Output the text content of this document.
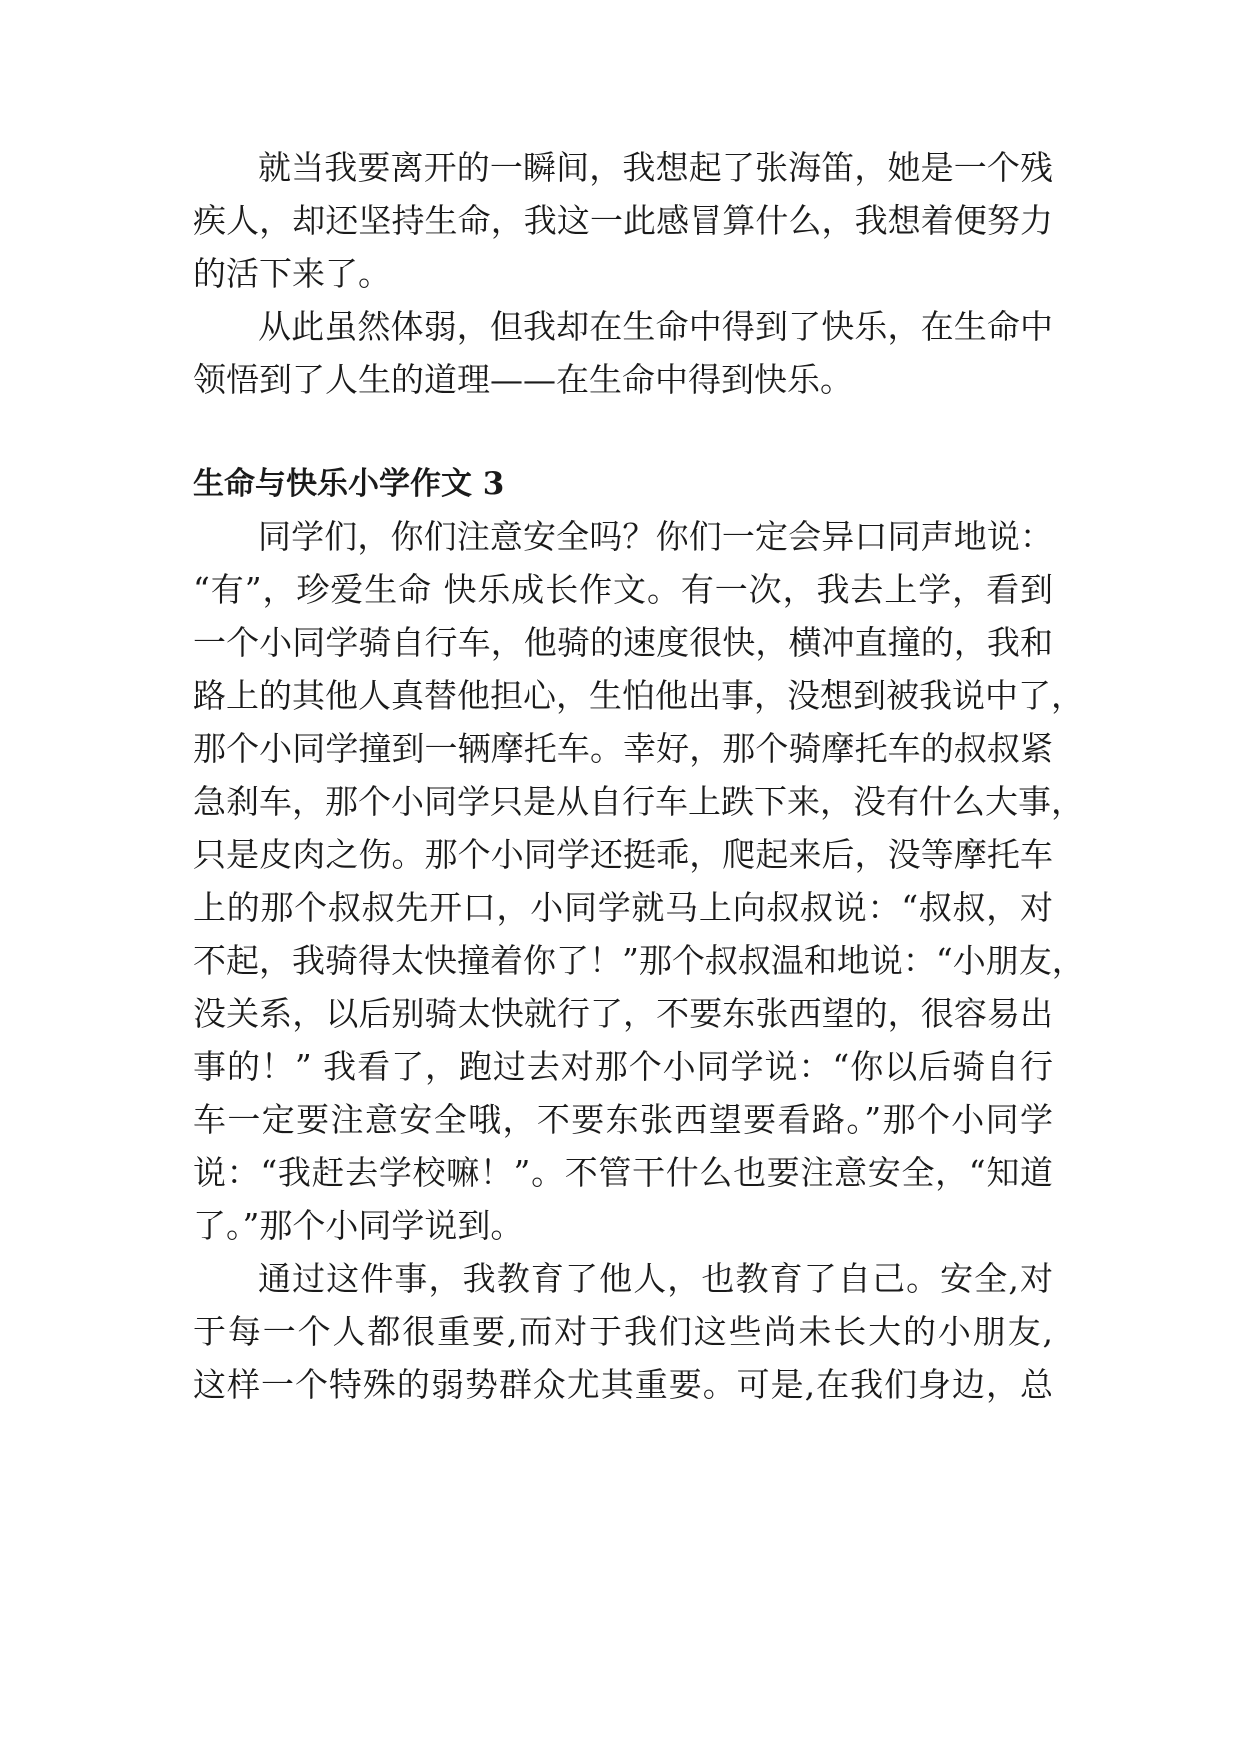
就当我要离开的一瞬间，我想起了张海笛，她是一个残

疾人，却还坚持生命，我这一此感冒算什么，我想着便努力

的活下来了。

从此虽然体弱，但我却在生命中得到了快乐，在生命中

领悟到了人生的道理——在生命中得到快乐。

生命与快乐小学作文 3

同学们，你们注意安全吗？你们一定会异口同声地说：

“有”，珍爱生命 快乐成长作文。有一次，我去上学，看到

一个小同学骑自行车，他骑的速度很快，横冲直撞的，我和

路上的其他人真替他担心，生怕他出事，没想到被我说中了，

那个小同学撞到一辆摩托车。幸好，那个骑摩托车的叔叔紧

急刹车，那个小同学只是从自行车上跌下来，没有什么大事，

只是皮肉之伤。那个小同学还挺乖，爬起来后，没等摩托车

上的那个叔叔先开口，小同学就马上向叔叔说：“叔叔，对

不起，我骑得太快撞着你了！”那个叔叔温和地说：“小朋友，

没关系，以后别骑太快就行了，不要东张西望的，很容易出

事的！” 我看了，跑过去对那个小同学说：“你以后骑自行

车一定要注意安全哦，不要东张西望要看路。”那个小同学

说：“我赶去学校嘛！”。不管干什么也要注意安全，“知道

了。”那个小同学说到。

通过这件事，我教育了他人，也教育了自己。安全,对

于每一个人都很重要,而对于我们这些尚未长大的小朋友,

这样一个特殊的弱势群众尤其重要。可是,在我们身边，总
